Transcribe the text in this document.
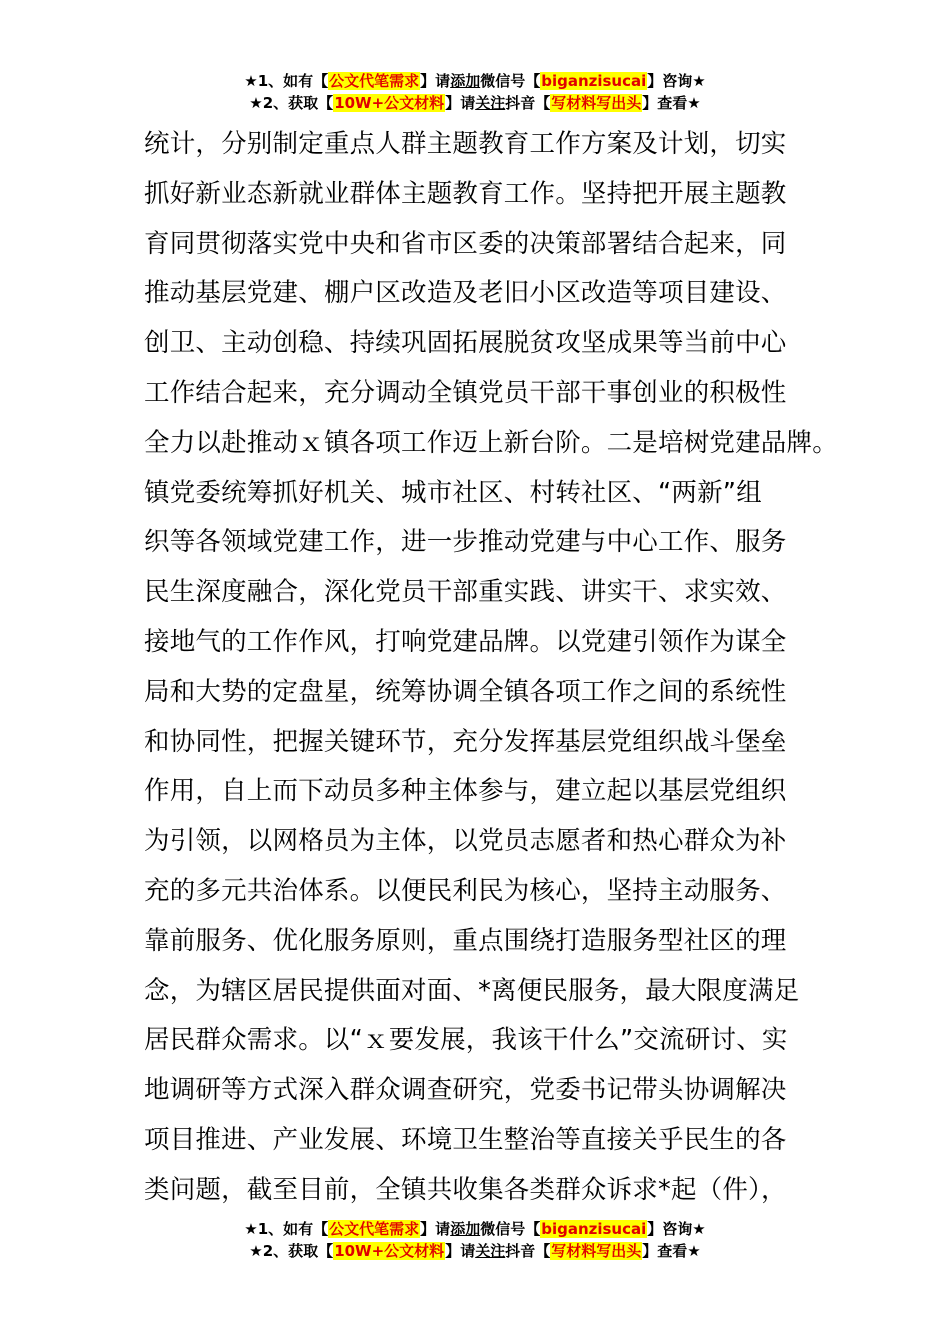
★1、如有【公文代笔需求】请添加微信号【biganzisucai】咨询★
★2、获取【10W+公文材料】请关注抖音【写材料写出头】查看★
统计，分别制定重点人群主题教育工作方案及计划，切实
抓好新业态新就业群体主题教育工作。坚持把开展主题教
育同贯彻落实党中央和省市区委的决策部署结合起来，同
推动基层党建、棚户区改造及老旧小区改造等项目建设、
创卫、主动创稳、持续巩固拓展脱贫攻坚成果等当前中心
工作结合起来，充分调动全镇党员干部干事创业的积极性
全力以赴推动ｘ镇各项工作迈上新台阶。二是培树党建品牌。
镇党委统筹抓好机关、城市社区、村转社区、“两新”组
织等各领域党建工作，进一步推动党建与中心工作、服务
民生深度融合，深化党员干部重实践、讲实干、求实效、
接地气的工作作风，打响党建品牌。以党建引领作为谋全
局和大势的定盘星，统筹协调全镇各项工作之间的系统性
和协同性，把握关键环节，充分发挥基层党组织战斗堡垒
作用，自上而下动员多种主体参与，建立起以基层党组织
为引领，以网格员为主体，以党员志愿者和热心群众为补
充的多元共治体系。以便民利民为核心，坚持主动服务、
靠前服务、优化服务原则，重点围绕打造服务型社区的理
念，为辖区居民提供面对面、*离便民服务，最大限度满足
居民群众需求。以“ｘ要发展，我该干什么”交流研讨、实
地调研等方式深入群众调查研究，党委书记带头协调解决
项目推进、产业发展、环境卫生整治等直接关乎民生的各
类问题，截至目前，全镇共收集各类群众诉求*起（件），
★1、如有【公文代笔需求】请添加微信号【biganzisucai】咨询★
★2、获取【10W+公文材料】请关注抖音【写材料写出头】查看★
